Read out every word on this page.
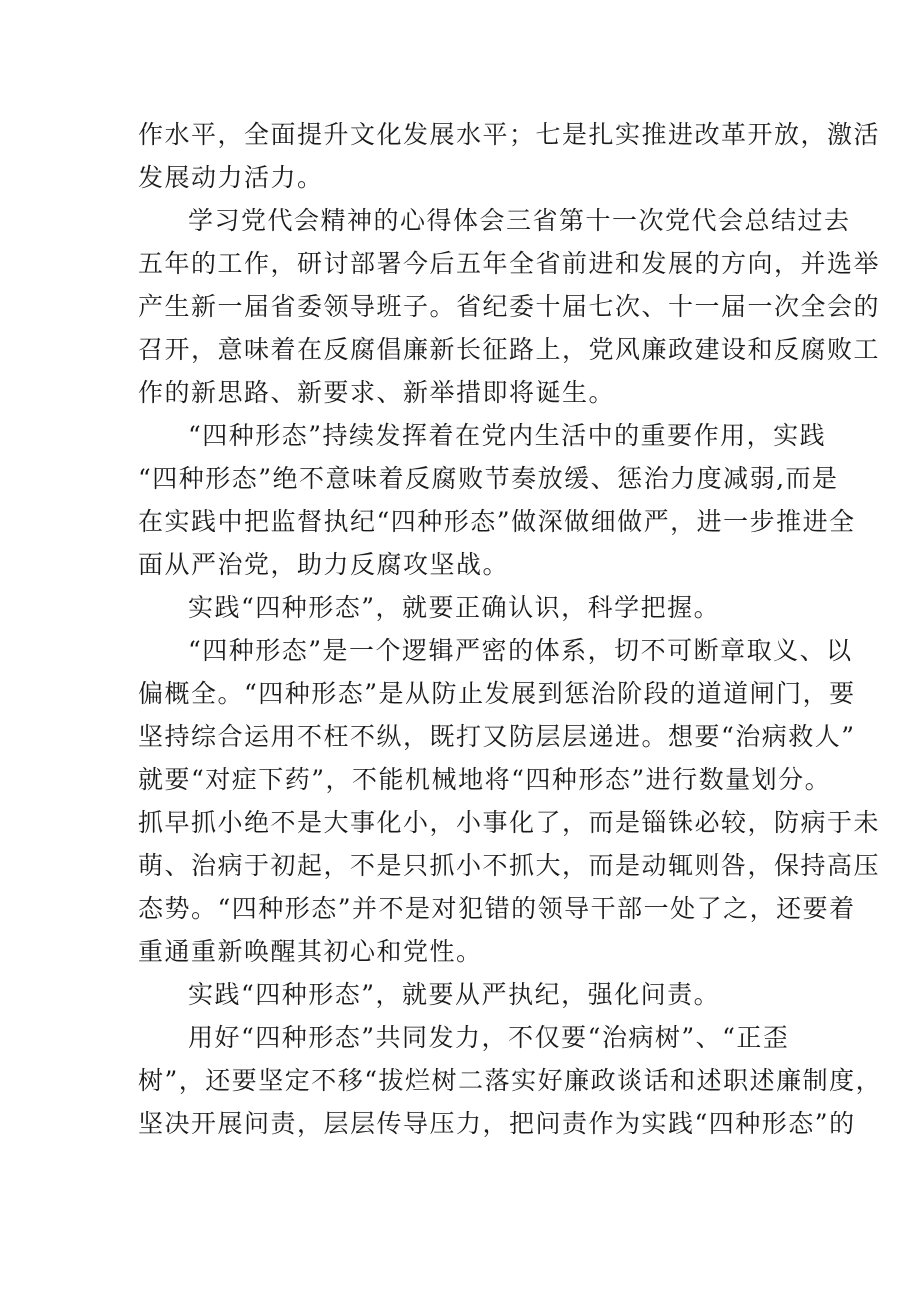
作水平，全面提升文化发展水平；七是扎实推进改革开放，激活
发展动力活力。
学习党代会精神的心得体会三省第十一次党代会总结过去
五年的工作，研讨部署今后五年全省前进和发展的方向，并选举
产生新一届省委领导班子。省纪委十届七次、十一届一次全会的
召开，意味着在反腐倡廉新长征路上，党风廉政建设和反腐败工
作的新思路、新要求、新举措即将诞生。
“四种形态”持续发挥着在党内生活中的重要作用，实践
“四种形态”绝不意味着反腐败节奏放缓、惩治力度减弱,而是
在实践中把监督执纪“四种形态”做深做细做严，进一步推进全
面从严治党，助力反腐攻坚战。
实践“四种形态”，就要正确认识，科学把握。
“四种形态”是一个逻辑严密的体系，切不可断章取义、以
偏概全。“四种形态”是从防止发展到惩治阶段的道道闸门，要
坚持综合运用不枉不纵，既打又防层层递进。想要“治病救人”
就要“对症下药”，不能机械地将“四种形态”进行数量划分。
抓早抓小绝不是大事化小，小事化了，而是锱铢必较，防病于未
萌、治病于初起，不是只抓小不抓大，而是动辄则咎，保持高压
态势。“四种形态”并不是对犯错的领导干部一处了之，还要着
重通重新唤醒其初心和党性。
实践“四种形态”，就要从严执纪，强化问责。
用好“四种形态”共同发力，不仅要“治病树”、“正歪
树”，还要坚定不移“拔烂树二落实好廉政谈话和述职述廉制度，
坚决开展问责，层层传导压力，把问责作为实践“四种形态”的
